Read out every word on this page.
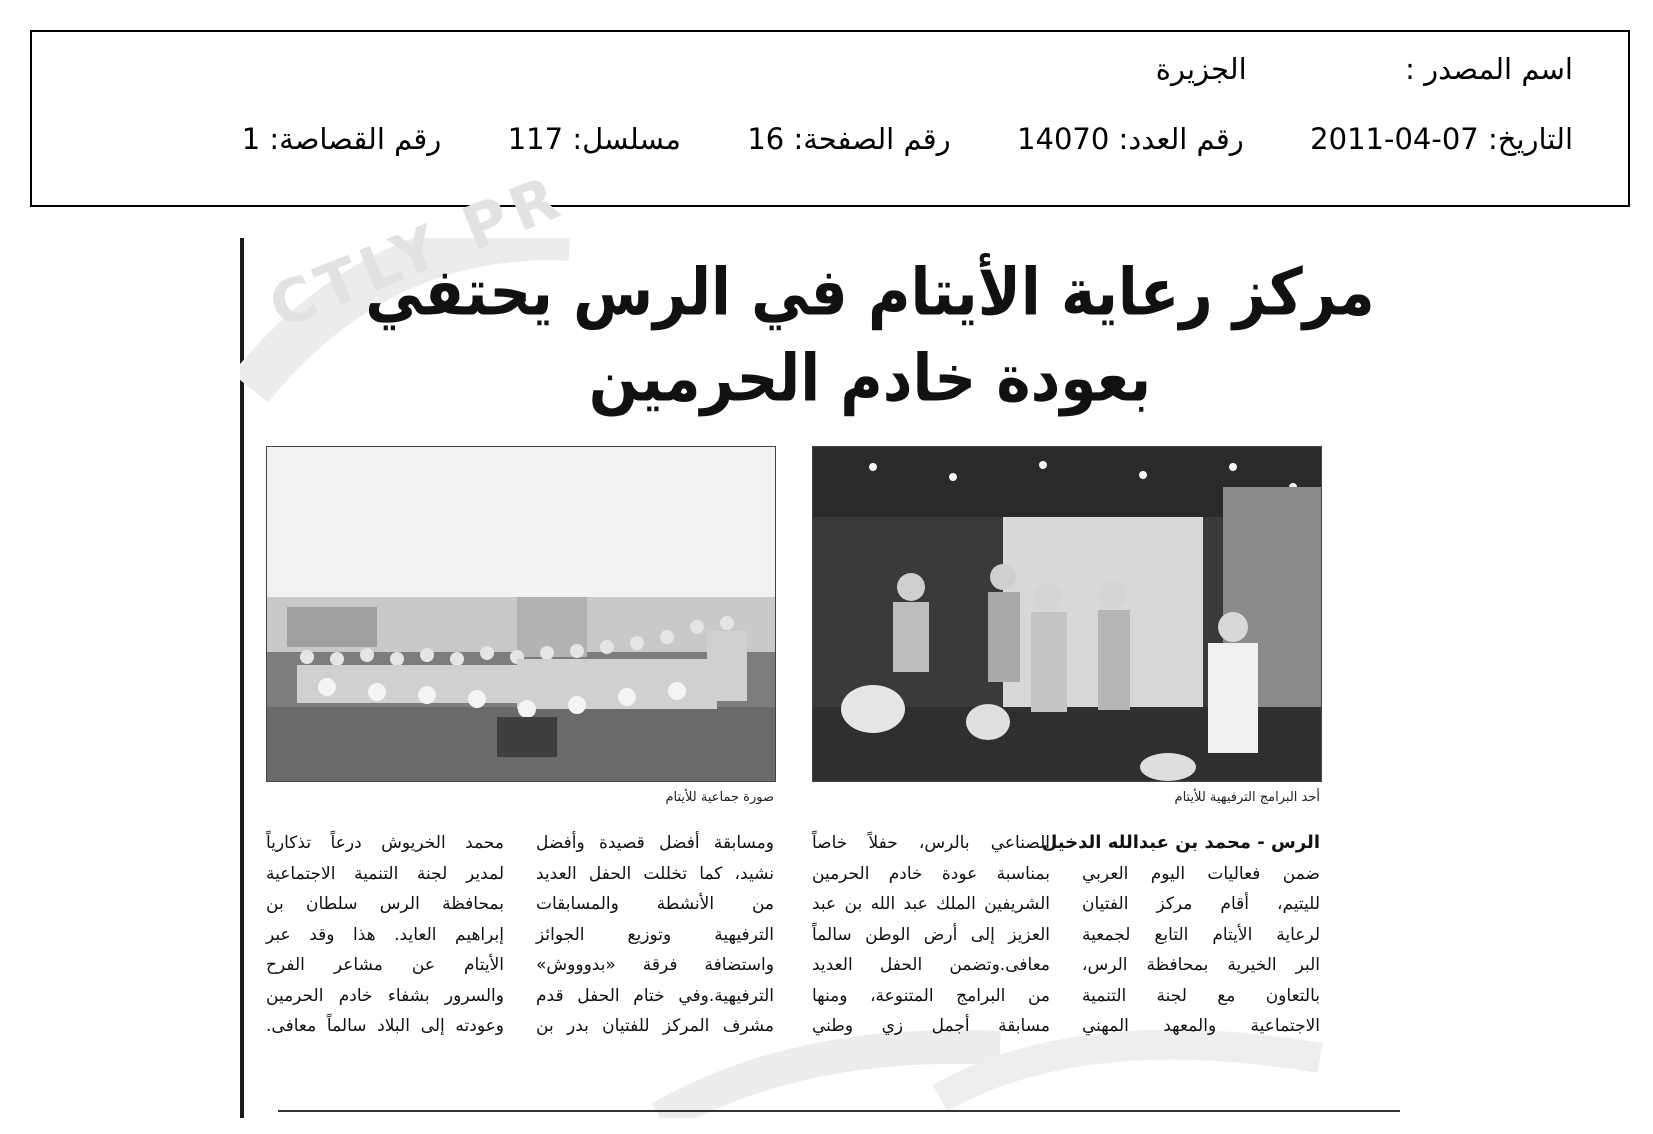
اسم المصدر :  الجزيرة
التاريخ: 07-04-2011  رقم العدد: 14070  رقم الصفحة: 16  مسلسل: 117  رقم القصاصة: 1
CTLY PR
مركز رعاية الأيتام في الرس يحتفي
بعودة خادم الحرمين
أحد البرامج الترفيهية للأيتام
صورة جماعية للأيتام
الرس - محمد بن عبدالله الدخيل
ضمن فعاليات اليوم العربي
لليتيم، أقام مركز الفتيان
لرعاية الأيتام التابع لجمعية
البر الخيرية بمحافظة الرس،
بالتعاون مع لجنة التنمية
الاجتماعية والمعهد المهني
الصناعي بالرس، حفلاً خاصاً
بمناسبة عودة خادم الحرمين
الشريفين الملك عبد الله بن عبد
العزيز إلى أرض الوطن سالماً
معافى.وتضمن الحفل العديد
من البرامج المتنوعة، ومنها
مسابقة أجمل زي وطني
ومسابقة أفضل قصيدة وأفضل
نشيد، كما تخللت الحفل العديد
من الأنشطة والمسابقات
الترفيهية وتوزيع الجوائز
واستضافة فرقة «بدوووش»
الترفيهية.وفي ختام الحفل قدم
مشرف المركز للفتيان بدر بن
محمد الخريوش درعاً تذكارياً
لمدير لجنة التنمية الاجتماعية
بمحافظة الرس سلطان بن
إبراهيم العايد. هذا وقد عبر
الأيتام عن مشاعر الفرح
والسرور بشفاء خادم الحرمين
وعودته إلى البلاد سالماً معافى.
